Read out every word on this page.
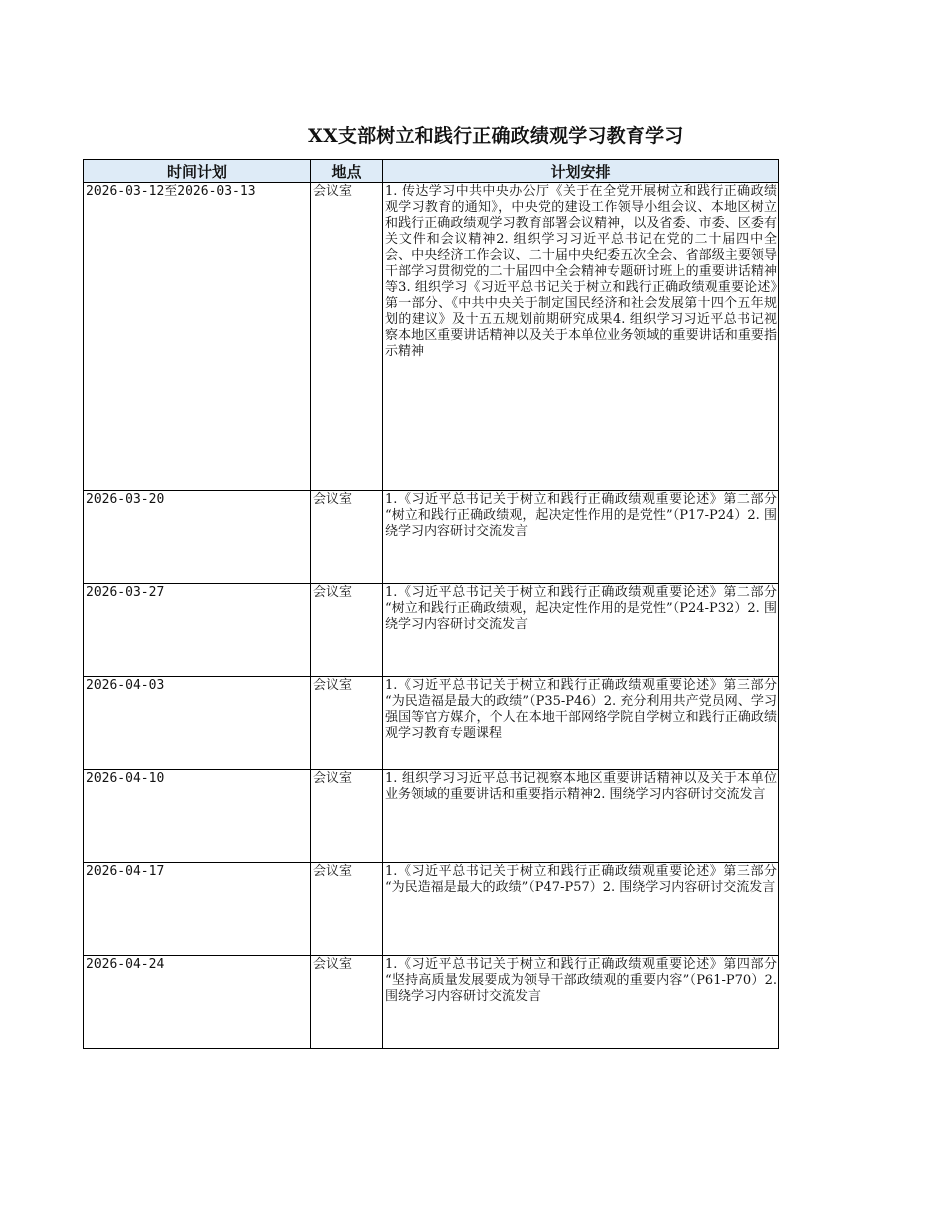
XX支部树立和践行正确政绩观学习教育学习
时间计划	地点	计划安排
2026-03-12至2026-03-13	会议室	1. 传达学习中共中央办公厅《关于在全党开展树立和践行正确政绩观学习教育的通知》，中央党的建设工作领导小组会议、本地区树立和践行正确政绩观学习教育部署会议精神，以及省委、市委、区委有关文件和会议精神2. 组织学习习近平总书记在党的二十届四中全会、中央经济工作会议、二十届中央纪委五次全会、省部级主要领导干部学习贯彻党的二十届四中全会精神专题研讨班上的重要讲话精神等3. 组织学习《习近平总书记关于树立和践行正确政绩观重要论述》第一部分、《中共中央关于制定国民经济和社会发展第十四个五年规划的建议》及十五五规划前期研究成果4. 组织学习习近平总书记视察本地区重要讲话精神以及关于本单位业务领域的重要讲话和重要指示精神
2026-03-20	会议室	1.《习近平总书记关于树立和践行正确政绩观重要论述》第二部分 “树立和践行正确政绩观，起决定性作用的是党性”（P17-P24）2. 围绕学习内容研讨交流发言
2026-03-27	会议室	1.《习近平总书记关于树立和践行正确政绩观重要论述》第二部分 “树立和践行正确政绩观，起决定性作用的是党性”（P24-P32）2. 围绕学习内容研讨交流发言
2026-04-03	会议室	1.《习近平总书记关于树立和践行正确政绩观重要论述》第三部分 “为民造福是最大的政绩”（P35-P46）2. 充分利用共产党员网、学习强国等官方媒介，个人在本地干部网络学院自学树立和践行正确政绩观学习教育专题课程
2026-04-10	会议室	1. 组织学习习近平总书记视察本地区重要讲话精神以及关于本单位业务领域的重要讲话和重要指示精神2. 围绕学习内容研讨交流发言
2026-04-17	会议室	1.《习近平总书记关于树立和践行正确政绩观重要论述》第三部分 “为民造福是最大的政绩”（P47-P57）2. 围绕学习内容研讨交流发言
2026-04-24	会议室	1.《习近平总书记关于树立和践行正确政绩观重要论述》第四部分 “坚持高质量发展要成为领导干部政绩观的重要内容”（P61-P70）2. 围绕学习内容研讨交流发言
